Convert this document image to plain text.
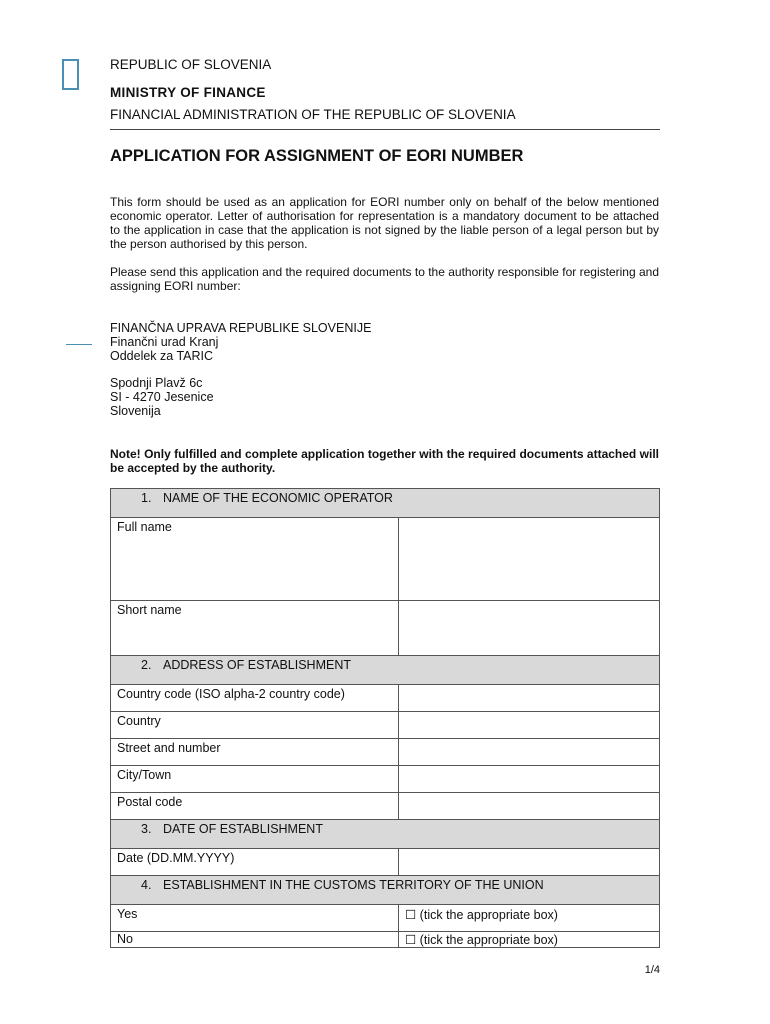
REPUBLIC OF SLOVENIA
MINISTRY OF FINANCE
FINANCIAL ADMINISTRATION OF THE REPUBLIC OF SLOVENIA
APPLICATION FOR ASSIGNMENT OF EORI NUMBER
This form should be used as an application for EORI number only on behalf of the below mentioned economic operator. Letter of authorisation for representation is a mandatory document to be attached to the application in case that the application is not signed by the liable person of a legal person but by the person authorised by this person.
Please send this application and the required documents to the authority responsible for registering and assigning EORI number:
FINANČNA UPRAVA REPUBLIKE SLOVENIJE
Finančni urad Kranj
Oddelek za TARIC
Spodnji Plavž 6c
SI - 4270 Jesenice
Slovenija
Note! Only fulfilled and complete application together with the required documents attached will be accepted by the authority.
1. NAME OF THE ECONOMIC OPERATOR	
Full name	
Short name	
2. ADDRESS OF ESTABLISHMENT	
Country code (ISO alpha-2 country code)	
Country	
Street and number	
City/Town	
Postal code	
3. DATE OF ESTABLISHMENT	
Date (DD.MM.YYYY)	
4. ESTABLISHMENT IN THE CUSTOMS TERRITORY OF THE UNION	
Yes	☐ (tick the appropriate box)
No	☐ (tick the appropriate box)
1/4
